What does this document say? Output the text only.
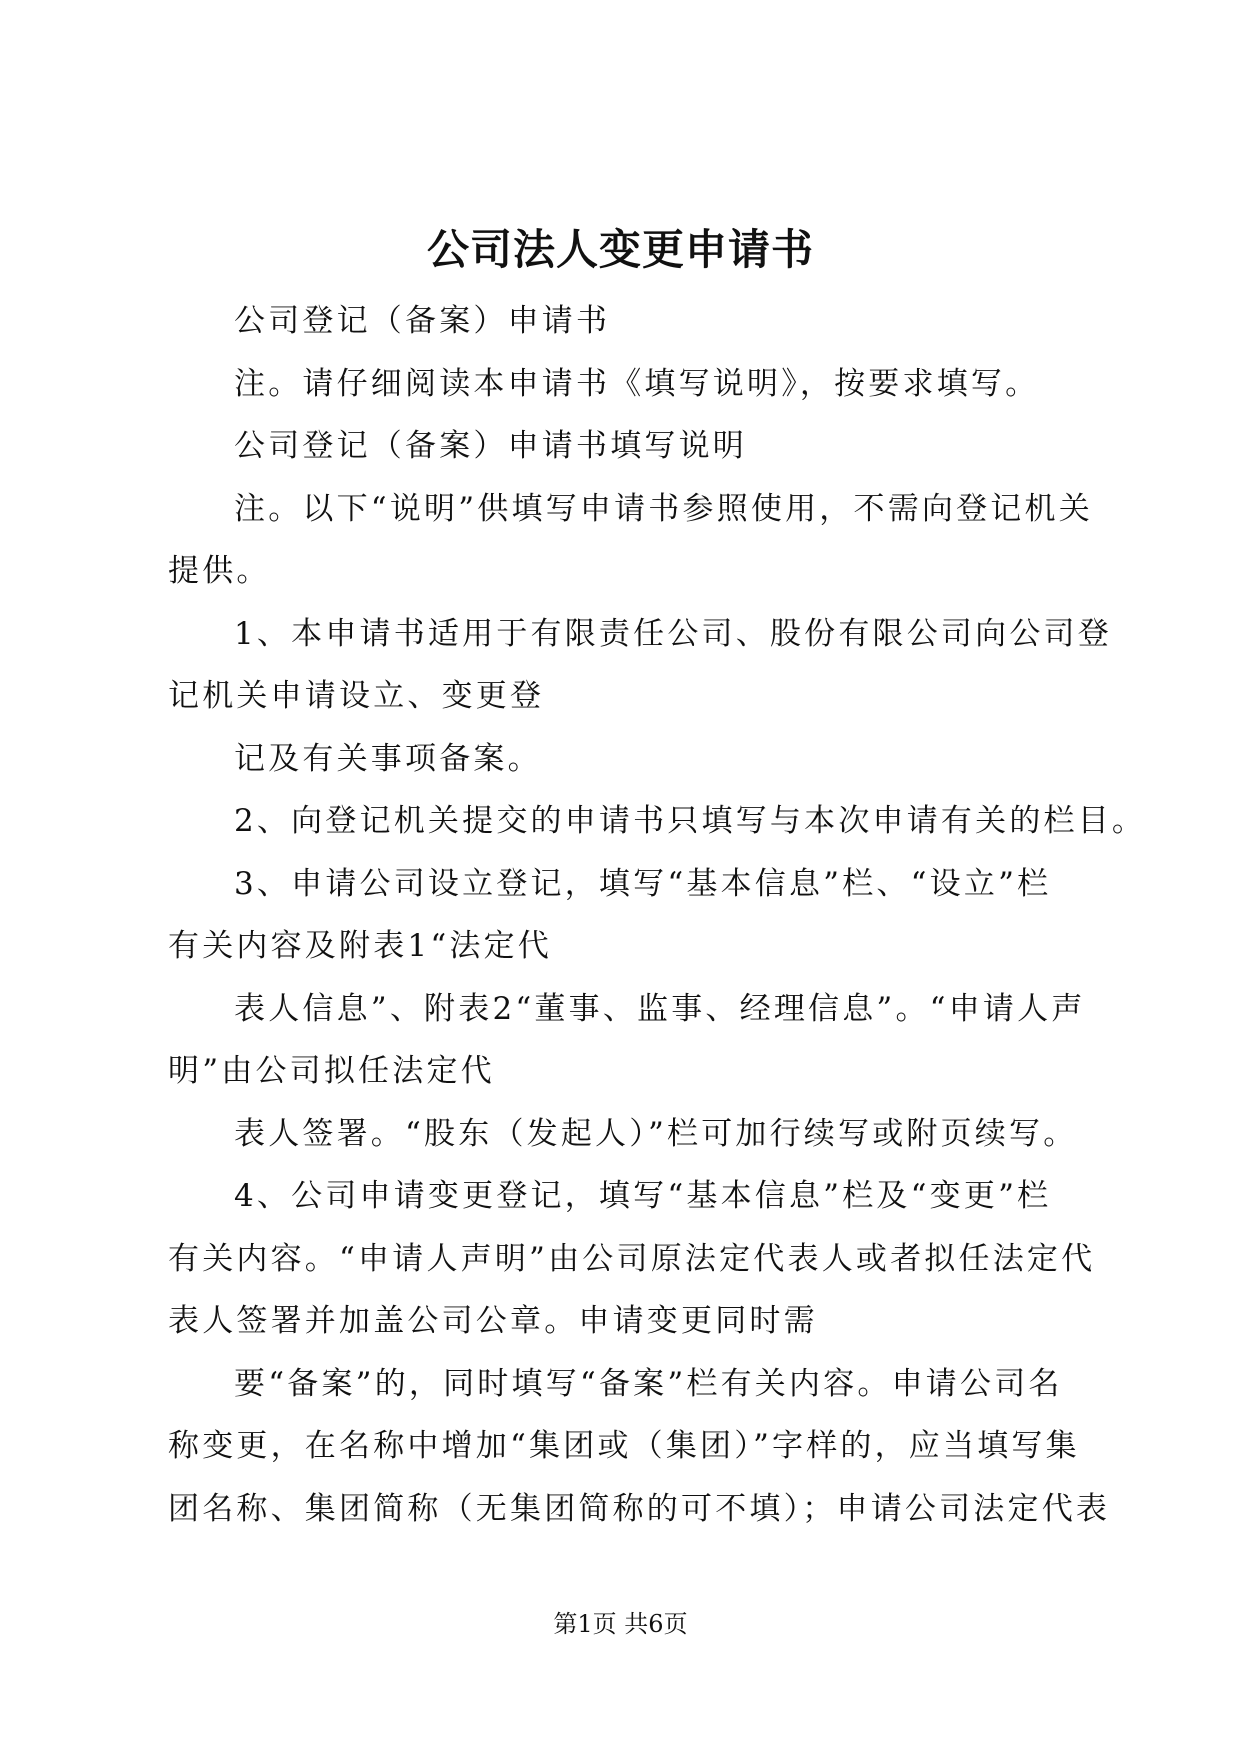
公司法人变更申请书
公司登记（备案）申请书
注。请仔细阅读本申请书《填写说明》，按要求填写。
公司登记（备案）申请书填写说明
注。以下“说明”供填写申请书参照使用，不需向登记机关
提供。
1、本申请书适用于有限责任公司、股份有限公司向公司登
记机关申请设立、变更登
记及有关事项备案。
2、向登记机关提交的申请书只填写与本次申请有关的栏目。
3、申请公司设立登记，填写“基本信息”栏、“设立”栏
有关内容及附表1“法定代
表人信息”、附表2“董事、监事、经理信息”。“申请人声
明”由公司拟任法定代
表人签署。“股东（发起人）”栏可加行续写或附页续写。
4、公司申请变更登记，填写“基本信息”栏及“变更”栏
有关内容。“申请人声明”由公司原法定代表人或者拟任法定代
表人签署并加盖公司公章。申请变更同时需
要“备案”的，同时填写“备案”栏有关内容。申请公司名
称变更，在名称中增加“集团或（集团）”字样的，应当填写集
团名称、集团简称（无集团简称的可不填）；申请公司法定代表
第1页 共6页
